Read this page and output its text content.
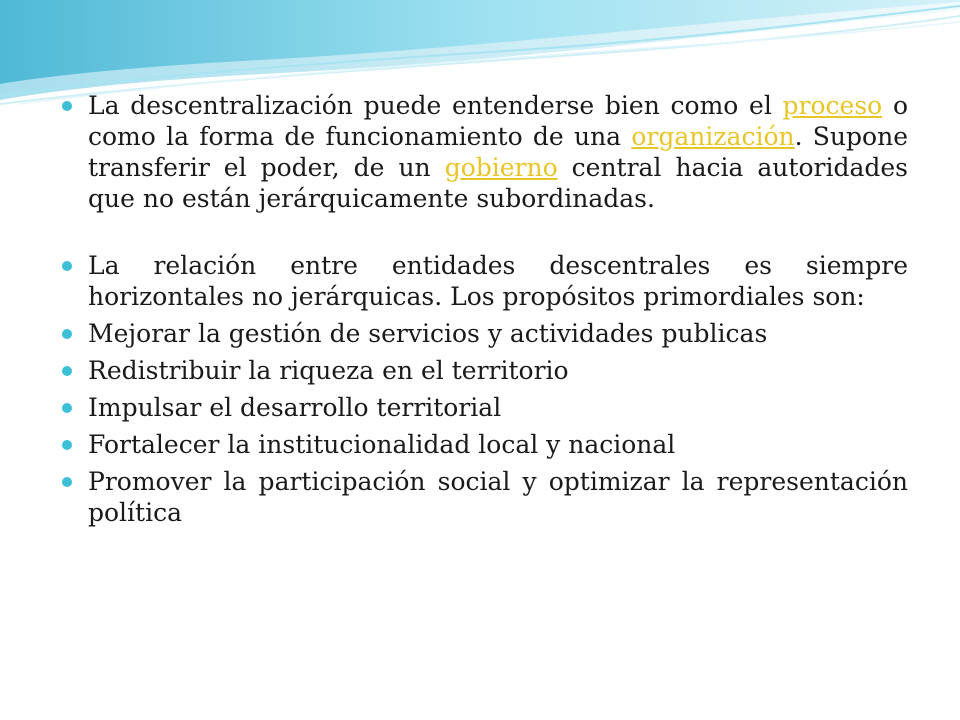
La descentralización puede entenderse bien como el proceso o como la forma de funcionamiento de una organización. Supone transferir el poder, de un gobierno central hacia autoridades que no están jerárquicamente subordinadas.
La relación entre entidades descentrales es siempre horizontales no jerárquicas. Los propósitos primordiales son:
Mejorar la gestión de servicios y actividades publicas
Redistribuir la riqueza en el territorio
Impulsar el desarrollo territorial
Fortalecer la institucionalidad local y nacional
Promover la participación social y optimizar la representación política
